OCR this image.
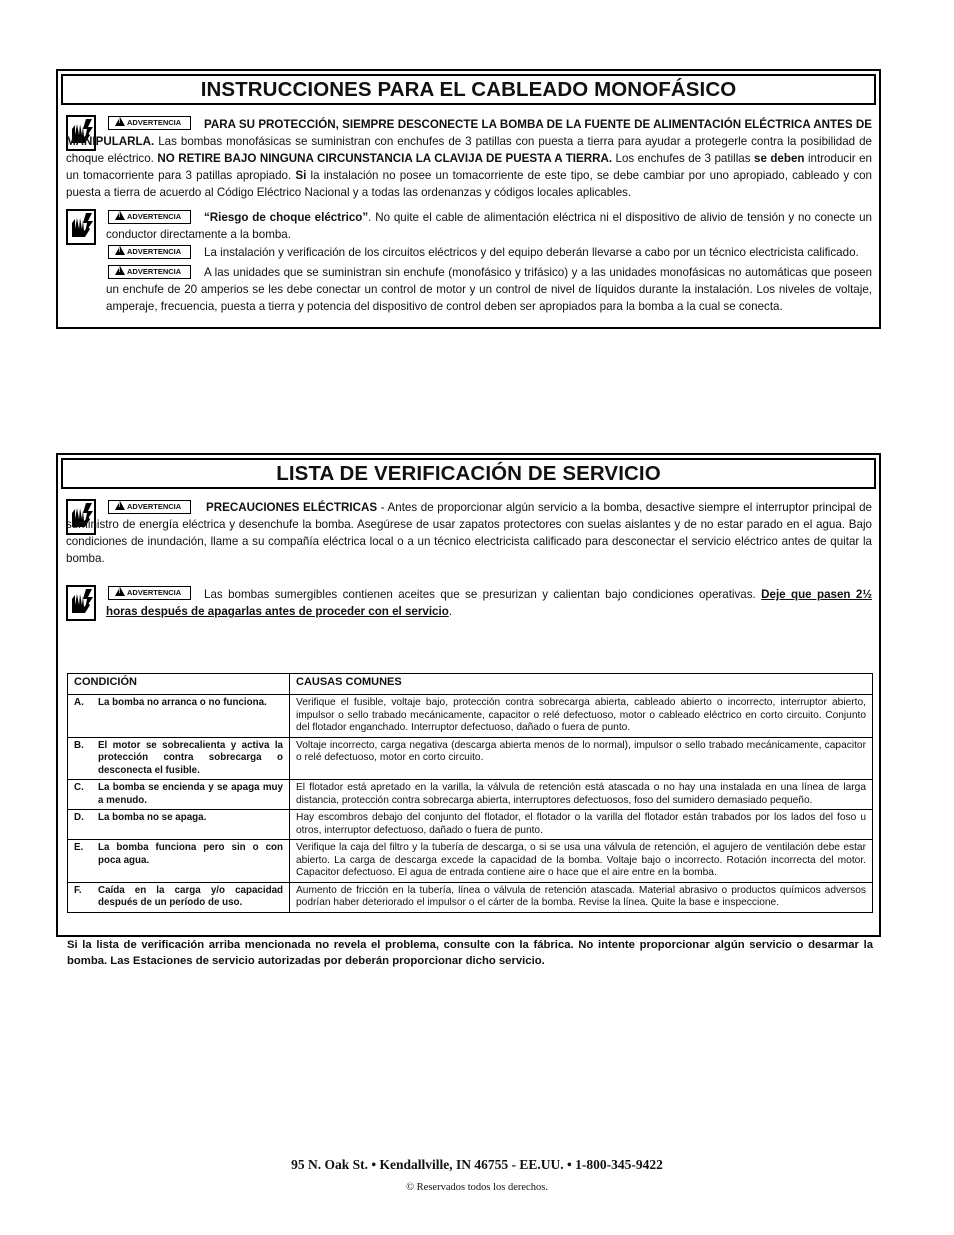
INSTRUCCIONES PARA EL CABLEADO MONOFÁSICO
!ADVERTENCIA	PARA SU PROTECCIÓN, SIEMPRE DESCONECTE LA BOMBA DE LA FUENTE DE ALIMENTACIÓN ELÉCTRICA ANTES DE MANIPULARLA. Las bombas monofásicas se suministran con enchufes de 3 patillas con puesta a tierra para ayudar a protegerle contra la posibilidad de choque eléctrico. NO RETIRE BAJO NINGUNA CIRCUNSTANCIA LA CLAVIJA DE PUESTA A TIERRA. Los enchufes de 3 patillas se deben introducir en un tomacorriente para 3 patillas apropiado. Si la instalación no posee un tomacorriente de este tipo, se debe cambiar por uno apropiado, cableado y con puesta a tierra de acuerdo al Código Eléctrico Nacional y a todas las ordenanzas y códigos locales aplicables.
!ADVERTENCIA	“Riesgo de choque eléctrico”. No quite el cable de alimentación eléctrica ni el dispositivo de alivio de tensión y no conecte un conductor directamente a la bomba.
!ADVERTENCIA	La instalación y verificación de los circuitos eléctricos y del equipo deberán llevarse a cabo por un técnico electricista calificado.
!ADVERTENCIA	A las unidades que se suministran sin enchufe (monofásico y trifásico) y a las unidades monofásicas no automáticas que poseen un enchufe de 20 amperios se les debe conectar un control de motor y un control de nivel de líquidos durante la instalación. Los niveles de voltaje, amperaje, frecuencia, puesta a tierra y potencia del dispositivo de control deben ser apropiados para la bomba a la cual se conecta.
LISTA DE VERIFICACIÓN DE SERVICIO
!ADVERTENCIA	PRECAUCIONES ELÉCTRICAS - Antes de proporcionar algún servicio a la bomba, desactive siempre el interruptor principal de suministro de energía eléctrica y desenchufe la bomba. Asegúrese de usar zapatos protectores con suelas aislantes y de no estar parado en el agua. Bajo condiciones de inundación, llame a su compañía eléctrica local o a un técnico electricista calificado para desconectar el servicio eléctrico antes de quitar la bomba.
!ADVERTENCIA	Las bombas sumergibles contienen aceites que se presurizan y calientan bajo condiciones operativas. Deje que pasen 2½ horas después de apagarlas antes de proceder con el servicio.
CONDICIÓN	CAUSAS COMUNES

A. La bomba no arranca o no funciona.	Verifique el fusible, voltaje bajo, protección contra sobrecarga abierta, cableado abierto o incorrecto, interruptor abierto, impulsor o sello trabado mecánicamente, capacitor o relé defectuoso, motor o cableado eléctrico en corto circuito. Conjunto del flotador enganchado. Interruptor defectuoso, dañado o fuera de punto.

B. El motor se sobrecalienta y activa la protección contra sobrecarga o desconecta el fusible.	Voltaje incorrecto, carga negativa (descarga abierta menos de lo normal), impulsor o sello trabado mecánicamente, capacitor o relé defectuoso, motor en corto circuito.

C. La bomba se encienda y se apaga muy a menudo.	El flotador está apretado en la varilla, la válvula de retención está atascada o no hay una instalada en una línea de larga distancia, protección contra sobrecarga abierta, interruptores defectuosos, foso del sumidero demasiado pequeño.

D. La bomba no se apaga.	Hay escombros debajo del conjunto del flotador, el flotador o la varilla del flotador están trabados por los lados del foso u otros, interruptor defectuoso, dañado o fuera de punto.

E. La bomba funciona pero sin o con poca agua.	Verifique la caja del filtro y la tubería de descarga, o si se usa una válvula de retención, el agujero de ventilación debe estar abierto. La carga de descarga excede la capacidad de la bomba. Voltaje bajo o incorrecto. Rotación incorrecta del motor. Capacitor defectuoso. El agua de entrada contiene aire o hace que el aire entre en la bomba.

F. Caída en la carga y/o capacidad después de un período de uso.	Aumento de fricción en la tubería, línea o válvula de retención atascada. Material abrasivo o productos químicos adversos podrían haber deteriorado el impulsor o el cárter de la bomba. Revise la línea. Quite la base e inspeccione.
Si la lista de verificación arriba mencionada no revela el problema, consulte con la fábrica. No intente proporcionar algún servicio o desarmar la bomba. Las Estaciones de servicio autorizadas por deberán proporcionar dicho servicio.
95 N. Oak St. • Kendallville, IN 46755 - EE.UU. • 1-800-345-9422
© Reservados todos los derechos.
